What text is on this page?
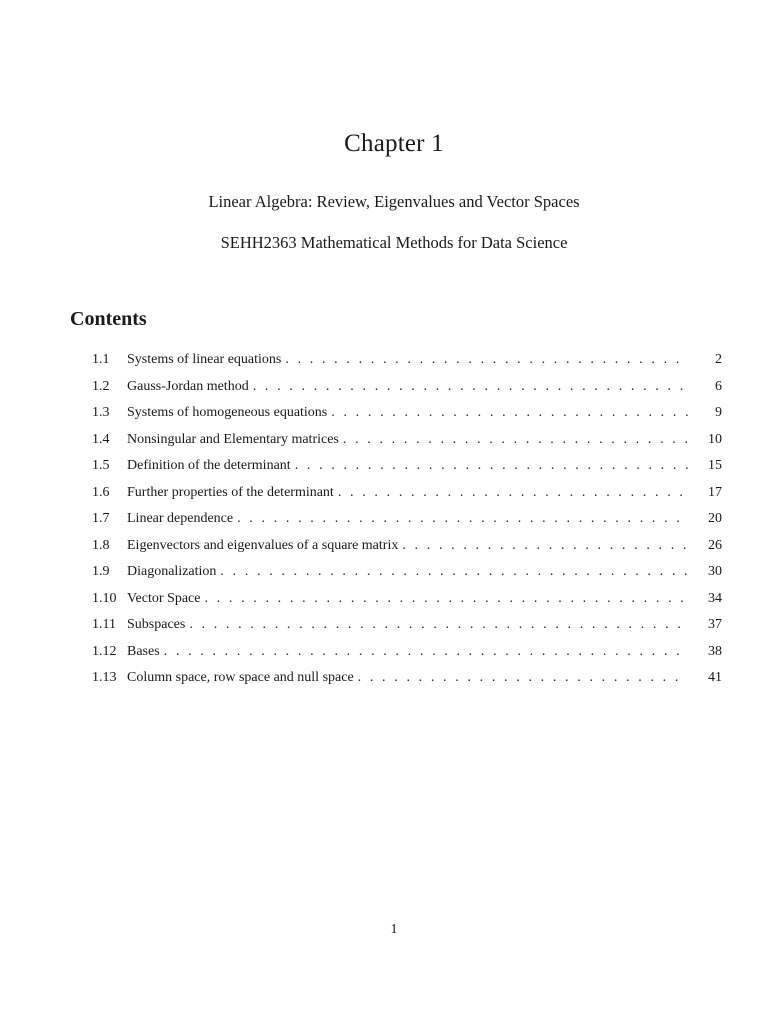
Chapter 1
Linear Algebra: Review, Eigenvalues and Vector Spaces
SEHH2363 Mathematical Methods for Data Science
Contents
1.1	Systems of linear equations . . .	2
1.2	Gauss-Jordan method . . .	6
1.3	Systems of homogeneous equations . . .	9
1.4	Nonsingular and Elementary matrices . . .	10
1.5	Definition of the determinant . . .	15
1.6	Further properties of the determinant . . .	17
1.7	Linear dependence . . .	20
1.8	Eigenvectors and eigenvalues of a square matrix . . .	26
1.9	Diagonalization . . .	30
1.10 Vector Space . . .	34
1.11 Subspaces . . .	37
1.12 Bases . . .	38
1.13 Column space, row space and null space . . .	41
1
